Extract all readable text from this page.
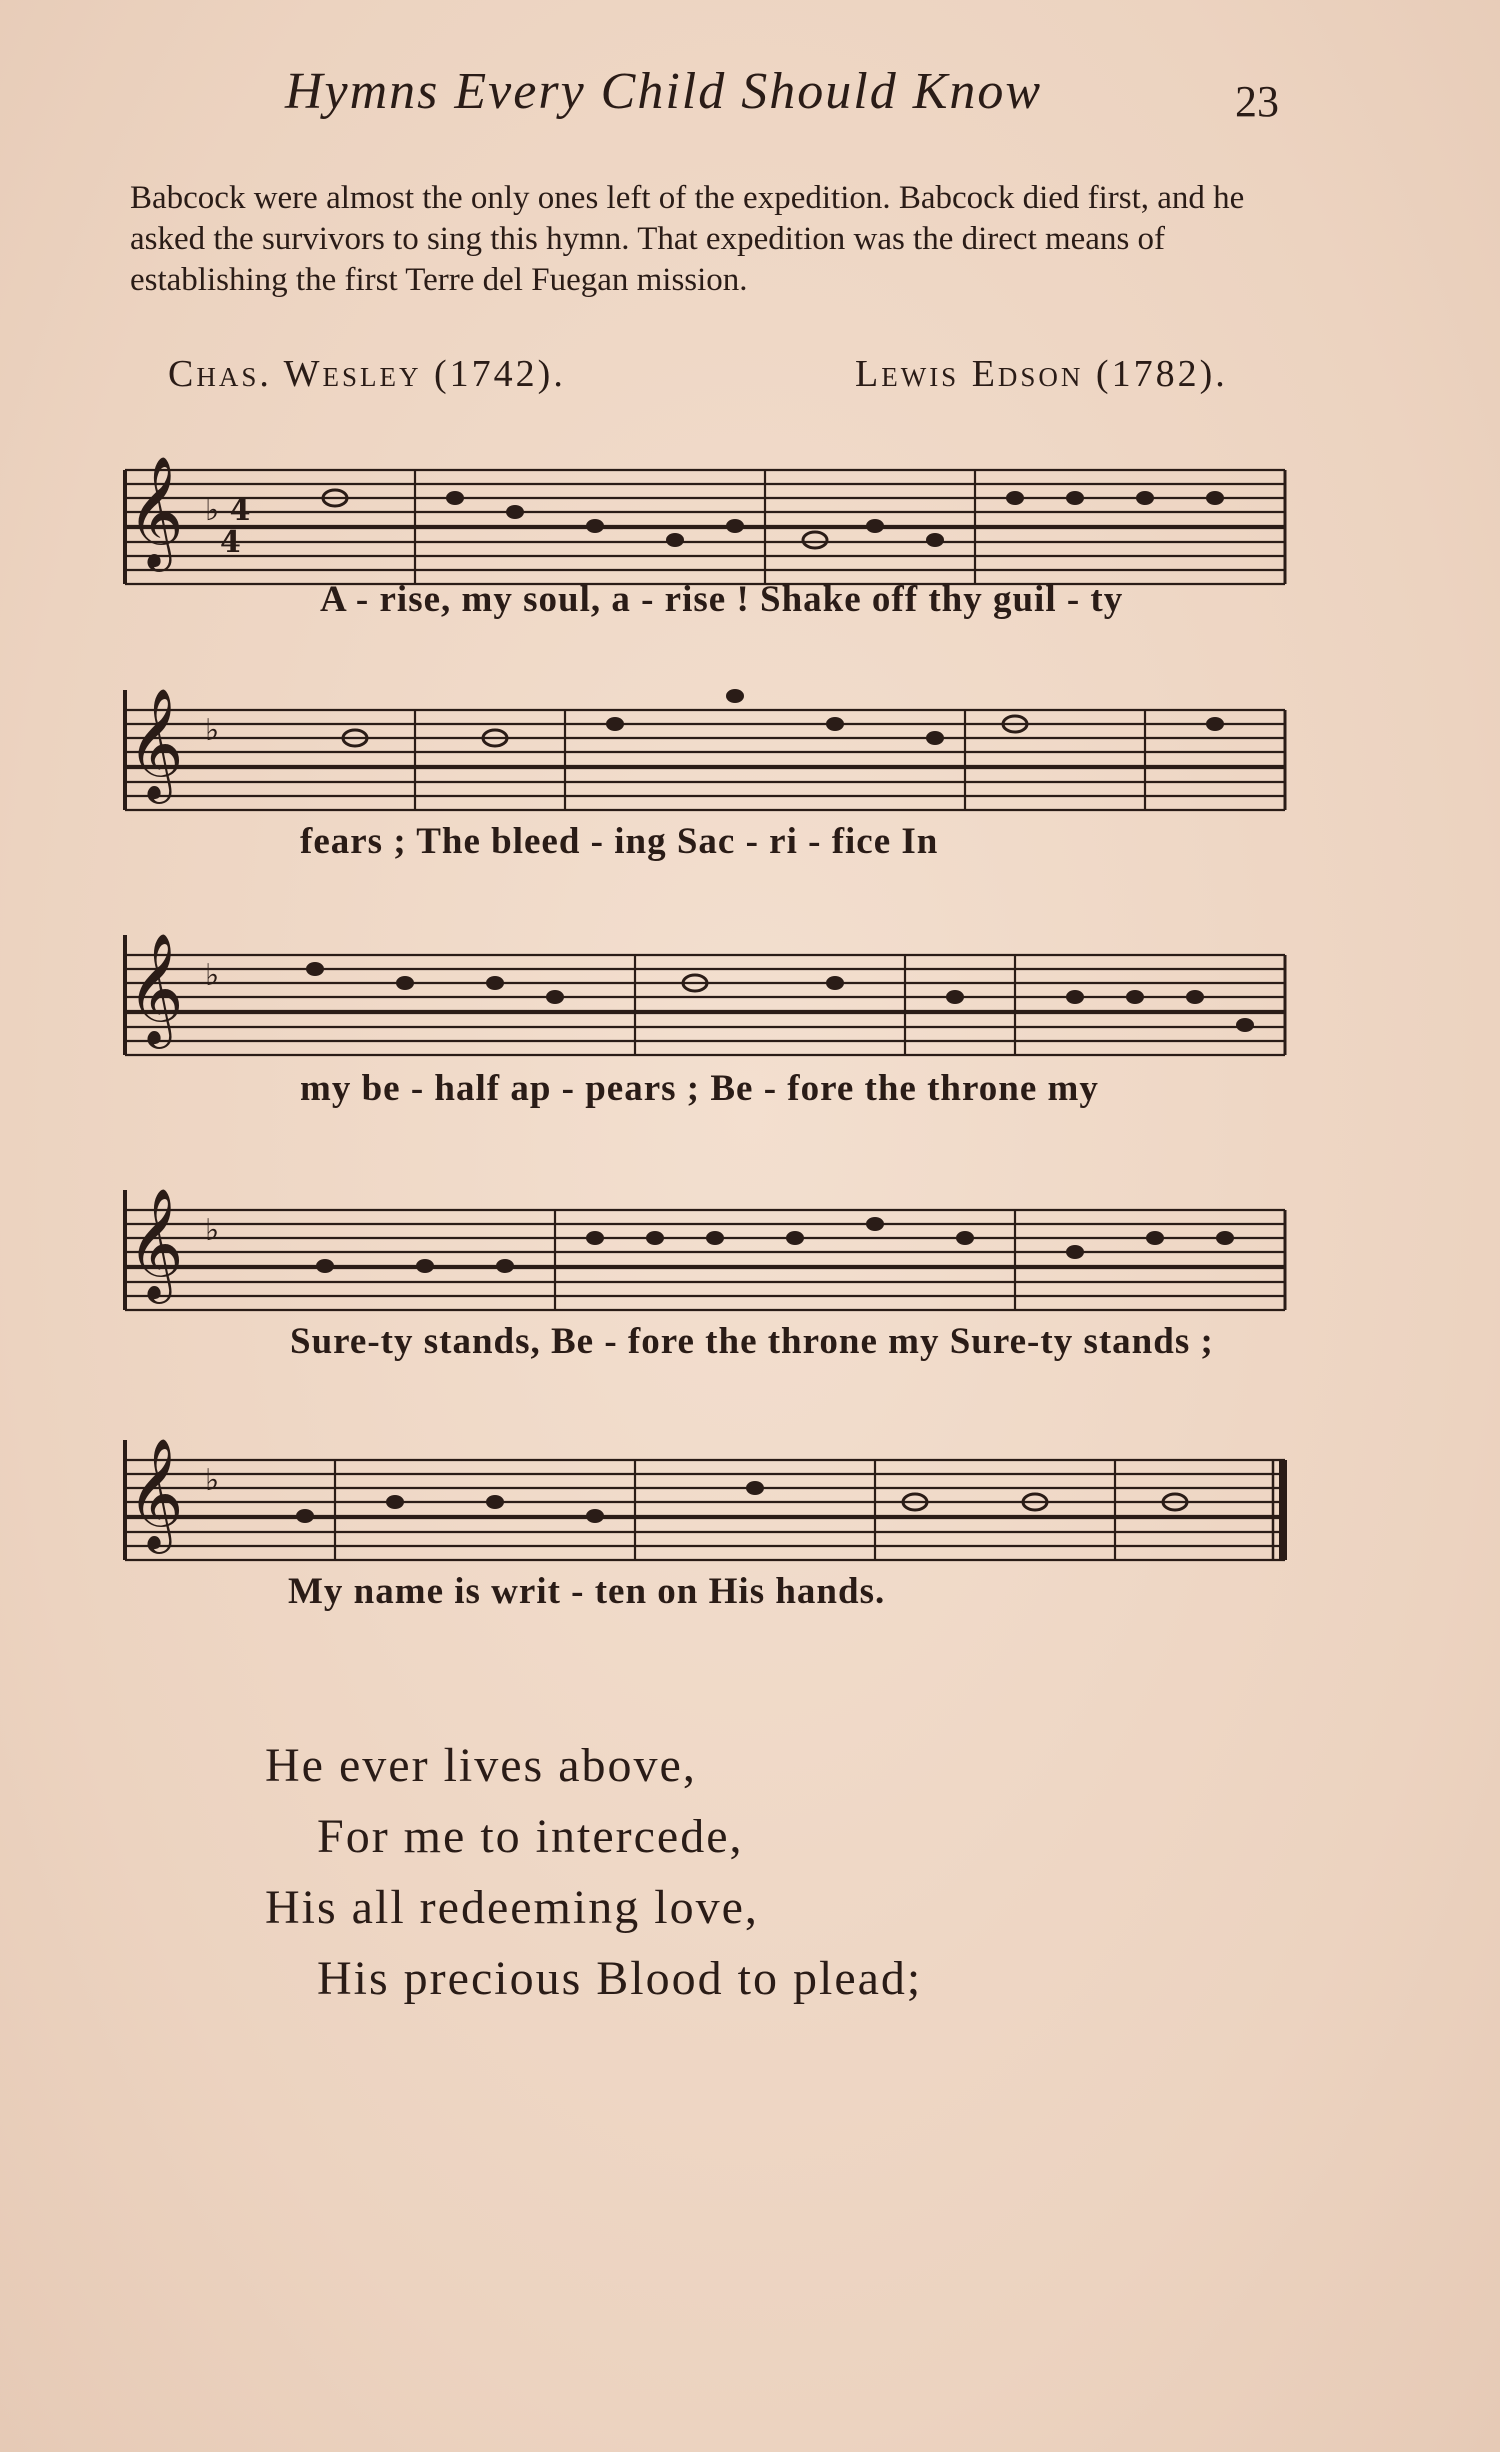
Hymns Every Child Should Know	23

Babcock were almost the only ones left of the expedition. Babcock died first, and he asked the survivors to sing this hymn. That expedition was the direct means of establishing the first Terre del Fuegan mission.

Chas. Wesley (1742).	Lewis Edson (1782).
𝄞 ♭ 4
4
A - rise, my soul, a - rise ! Shake off thy guil - ty
𝄞 ♭
fears ; The bleed - ing Sac - ri - fice In
𝄞 ♭
my be - half ap - pears ; Be - fore the throne my
𝄞 ♭
Sure-ty stands, Be - fore the throne my Sure-ty stands ;
𝄞 ♭
My name is writ - ten on His hands.
He ever lives above,
For me to intercede,
His all redeeming love,
His precious Blood to plead;
